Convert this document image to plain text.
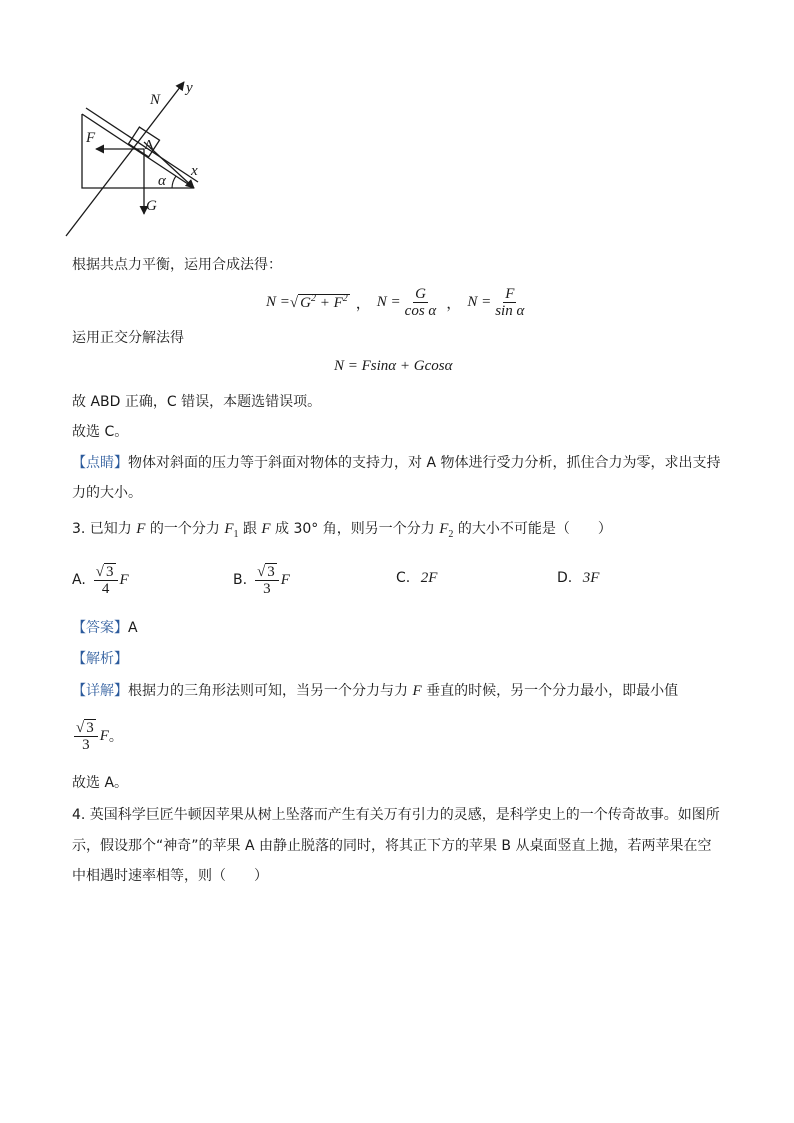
N
y
F	A
x
α
G
根据共点力平衡，运用合成法得：
N = √ $G^2 + F^2$ ， $N = \frac{G}{\text{cos α}}$ ， $N = \frac{F}{\text{sin α}}$
运用正交分解法得
N = Fsinα + Gcosα
故 ABD 正确，C 错误，本题选错误项。
故选 C。
【点睛】物体对斜面的压力等于斜面对物体的支持力，对 A 物体进行受力分析，抓住合力为零，求出支持
力的大小。
3. 已知力 F 的一个分力 $F_1$ 跟 F 成 30° 角，则另一个分力 $F_2$ 的大小不可能是（　　）
A. $\frac{√ 3}{4}$ F	B. $\frac{√ 3}{3}$ F	C. 2F	D. 3F
【答案】A
【解析】
【详解】根据力的三角形法则可知，当另一个分力与力 F 垂直的时候，另一个分力最小，即最小值
$\frac{√ 3}{3}$ F 。
故选 A。
4. 英国科学巨匠牛顿因苹果从树上坠落而产生有关万有引力的灵感，是科学史上的一个传奇故事。如图所
示，假设那个“神奇”的苹果 A 由静止脱落的同时，将其正下方的苹果 B 从桌面竖直上抛，若两苹果在空
中相遇时速率相等，则（　　）
